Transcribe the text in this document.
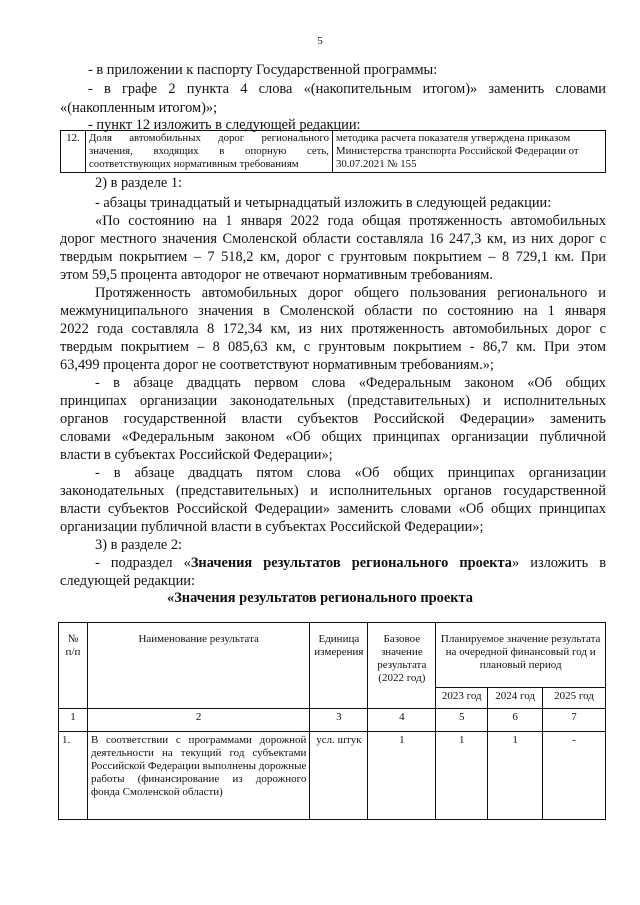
5
- в приложении к паспорту Государственной программы:
- в графе 2 пункта 4 слова «(накопительным итогом)» заменить словами
«(накопленным итогом)»;
- пункт 12 изложить в следующей редакции:
12.	Доля автомобильных дорог регионального значения, входящих в опорную сеть, соответствующих нормативным требованиям	методика расчета показателя утверждена приказом Министерства транспорта Российской Федерации от 30.07.2021 № 155
2) в разделе 1:
- абзацы тринадцатый и четырнадцатый изложить в следующей редакции:
«По состоянию на 1 января 2022 года общая протяженность автомобильных
дорог местного значения Смоленской области составляла 16 247,3 км, из них дорог с
твердым покрытием – 7 518,2 км, дорог с грунтовым покрытием – 8 729,1 км. При
этом 59,5 процента автодорог не отвечают нормативным требованиям.
Протяженность автомобильных дорог общего пользования регионального и
межмуниципального значения в Смоленской области по состоянию на 1 января
2022 года составляла 8 172,34 км, из них протяженность автомобильных дорог с
твердым покрытием – 8 085,63 км, с грунтовым покрытием - 86,7 км. При этом
63,499 процента дорог не соответствуют нормативным требованиям.»;
- в абзаце двадцать первом слова «Федеральным законом «Об общих
принципах организации законодательных (представительных) и исполнительных
органов государственной власти субъектов Российской Федерации» заменить
словами «Федеральным законом «Об общих принципах организации публичной
власти в субъектах Российской Федерации»;
- в абзаце двадцать пятом слова «Об общих принципах организации
законодательных (представительных) и исполнительных органов государственной
власти субъектов Российской Федерации» заменить словами «Об общих принципах
организации публичной власти в субъектах Российской Федерации»;
3) в разделе 2:
- подраздел «Значения результатов регионального проекта» изложить в
следующей редакции:
«Значения результатов регионального проекта
№ п/п	Наименование результата	Единица измерения	Базовое значение результата (2022 год)	Планируемое значение результата на очередной финансовый год и плановый период		
				2023 год	2024 год	2025 год
1	2	3	4	5	6	7
1.	В соответствии с программами дорожной деятельности на текущий год субъектами Российской Федерации выполнены дорожные работы (финансирование из дорожного фонда Смоленской области)	усл. штук	1	1	1	-
